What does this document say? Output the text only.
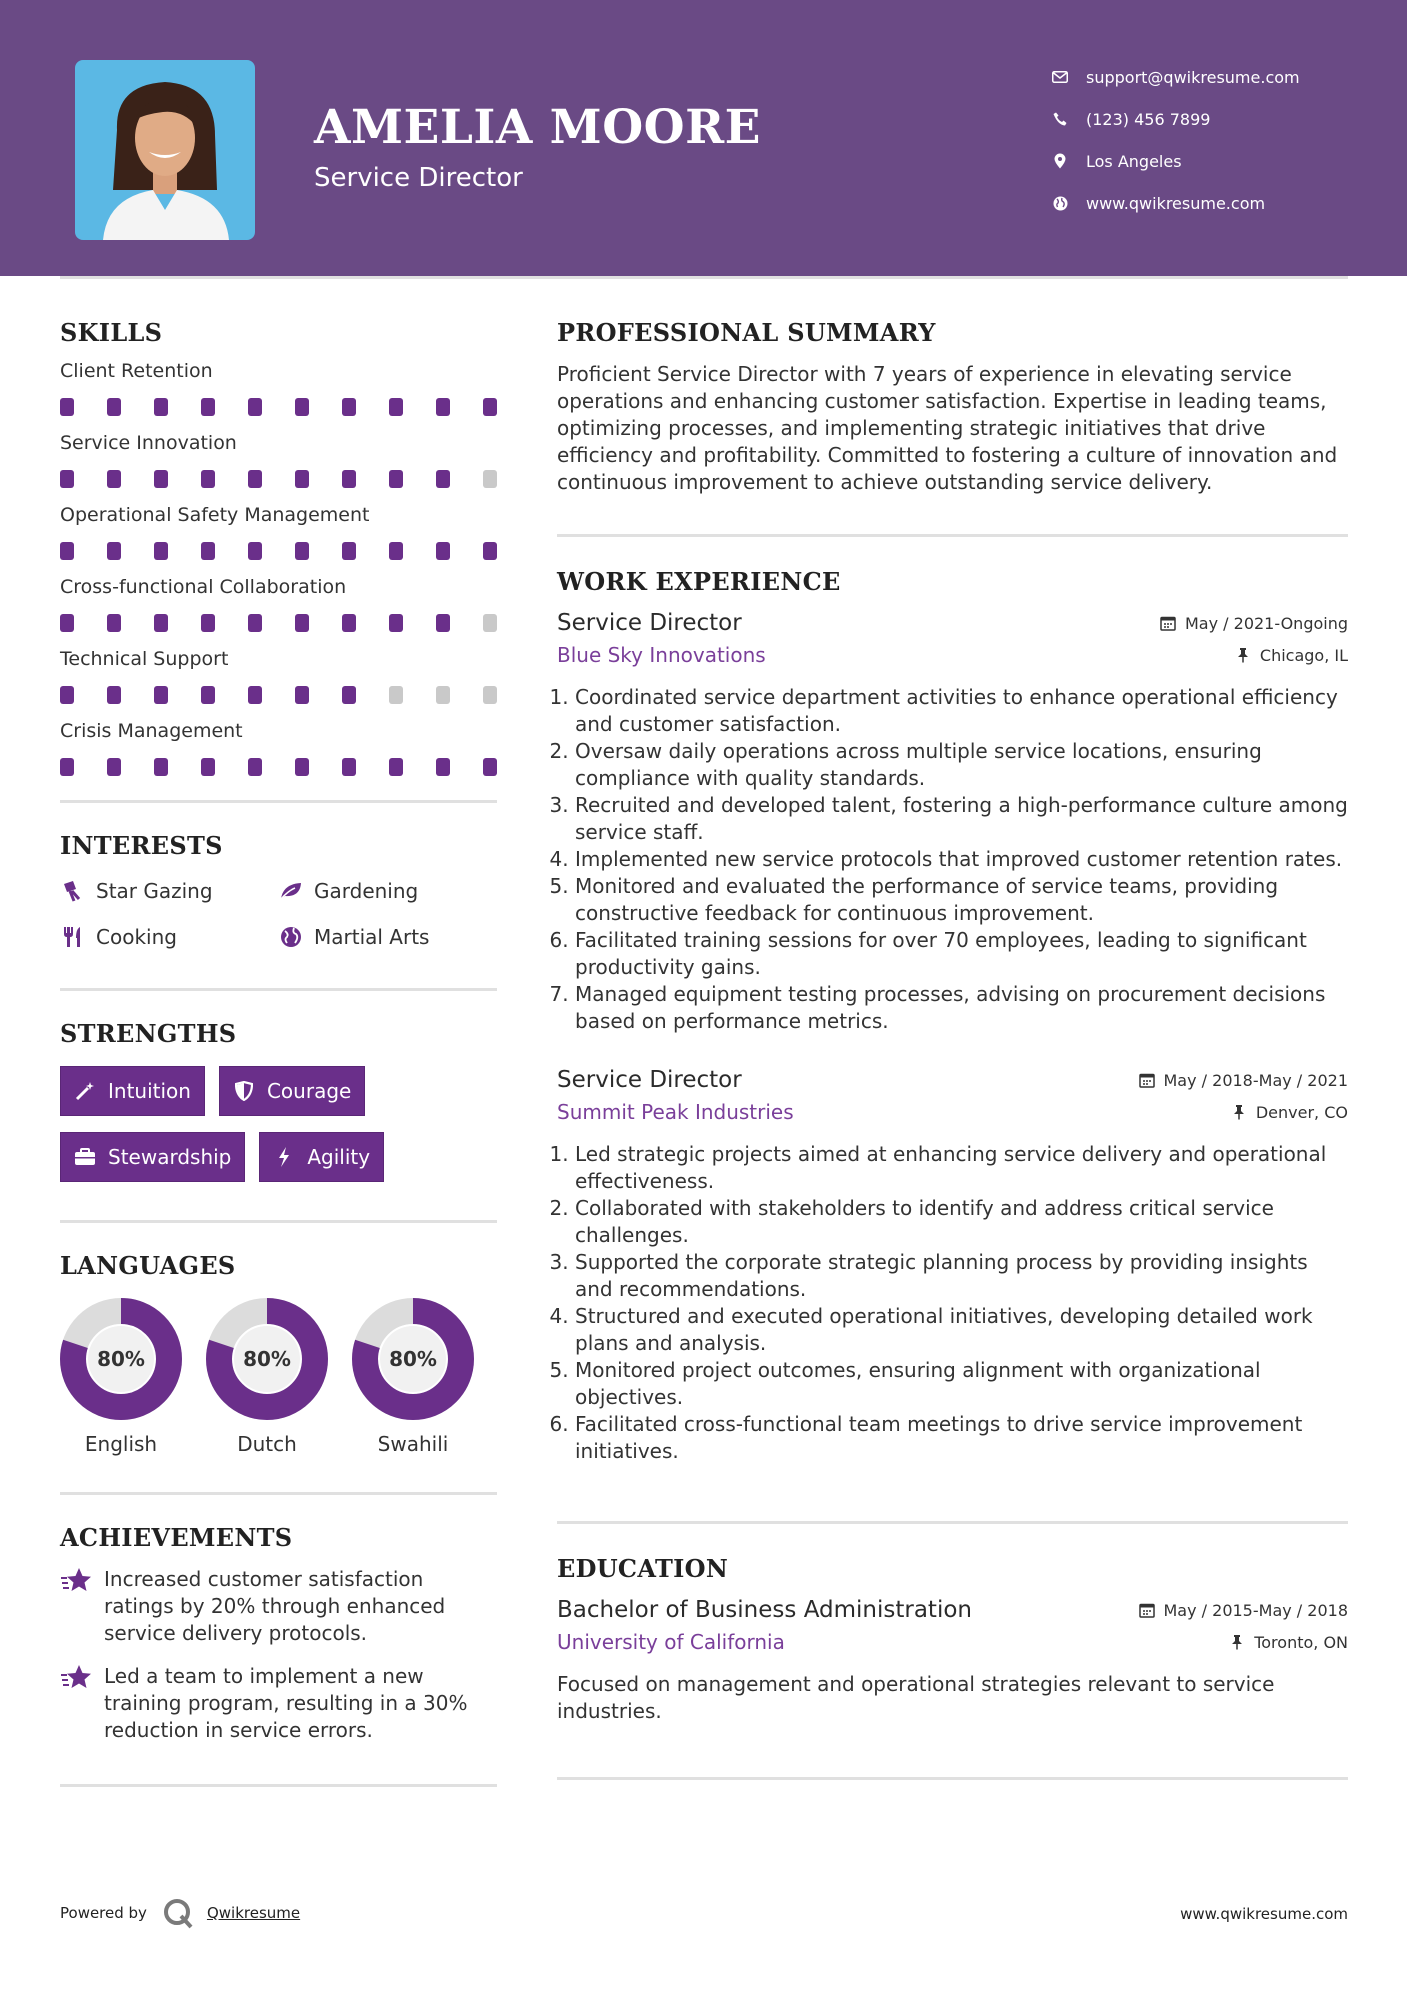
AMELIA MOORE
Service Director
support@qwikresume.com
(123) 456 7899
Los Angeles
www.qwikresume.com
SKILLS
Client Retention
Service Innovation
Operational Safety Management
Cross-functional Collaboration
Technical Support
Crisis Management
INTERESTS
Star Gazing	Gardening
Cooking	Martial Arts
STRENGTHS
Intuition	Courage
Stewardship	Agility
LANGUAGES
80%
English
80%
Dutch
80%
Swahili
ACHIEVEMENTS
Increased customer satisfaction ratings by 20% through enhanced service delivery protocols.
Led a team to implement a new training program, resulting in a 30% reduction in service errors.
PROFESSIONAL SUMMARY
Proficient Service Director with 7 years of experience in elevating service operations and enhancing customer satisfaction. Expertise in leading teams, optimizing processes, and implementing strategic initiatives that drive efficiency and profitability. Committed to fostering a culture of innovation and continuous improvement to achieve outstanding service delivery.
WORK EXPERIENCE
Service Director	May / 2021-Ongoing
Blue Sky Innovations	Chicago, IL
1. Coordinated service department activities to enhance operational efficiency and customer satisfaction.
2. Oversaw daily operations across multiple service locations, ensuring compliance with quality standards.
3. Recruited and developed talent, fostering a high-performance culture among service staff.
4. Implemented new service protocols that improved customer retention rates.
5. Monitored and evaluated the performance of service teams, providing constructive feedback for continuous improvement.
6. Facilitated training sessions for over 70 employees, leading to significant productivity gains.
7. Managed equipment testing processes, advising on procurement decisions based on performance metrics.
Service Director	May / 2018-May / 2021
Summit Peak Industries	Denver, CO
1. Led strategic projects aimed at enhancing service delivery and operational effectiveness.
2. Collaborated with stakeholders to identify and address critical service challenges.
3. Supported the corporate strategic planning process by providing insights and recommendations.
4. Structured and executed operational initiatives, developing detailed work plans and analysis.
5. Monitored project outcomes, ensuring alignment with organizational objectives.
6. Facilitated cross-functional team meetings to drive service improvement initiatives.
EDUCATION
Bachelor of Business Administration	May / 2015-May / 2018
University of California	Toronto, ON
Focused on management and operational strategies relevant to service industries.
Powered by	Qwikresume	www.qwikresume.com
